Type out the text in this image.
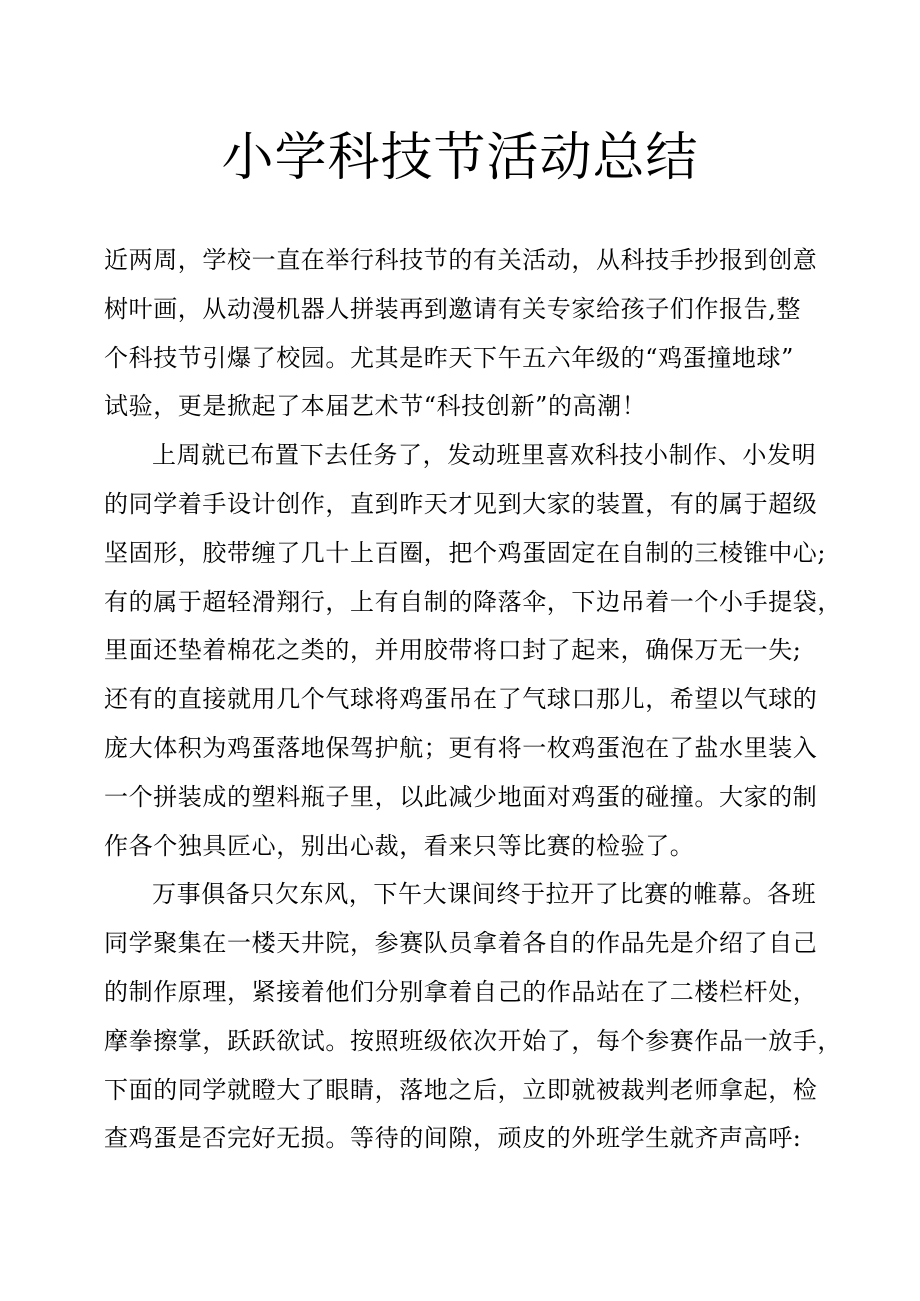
小学科技节活动总结
近两周，学校一直在举行科技节的有关活动，从科技手抄报到创意
树叶画，从动漫机器人拼装再到邀请有关专家给孩子们作报告,整
个科技节引爆了校园。尤其是昨天下午五六年级的“鸡蛋撞地球”
试验，更是掀起了本届艺术节“科技创新”的高潮！
上周就已布置下去任务了，发动班里喜欢科技小制作、小发明
的同学着手设计创作，直到昨天才见到大家的装置，有的属于超级
坚固形，胶带缠了几十上百圈，把个鸡蛋固定在自制的三棱锥中心;
有的属于超轻滑翔行，上有自制的降落伞，下边吊着一个小手提袋，
里面还垫着棉花之类的，并用胶带将口封了起来，确保万无一失;
还有的直接就用几个气球将鸡蛋吊在了气球口那儿，希望以气球的
庞大体积为鸡蛋落地保驾护航；更有将一枚鸡蛋泡在了盐水里装入
一个拼装成的塑料瓶子里，以此减少地面对鸡蛋的碰撞。大家的制
作各个独具匠心，别出心裁，看来只等比赛的检验了。
万事俱备只欠东风，下午大课间终于拉开了比赛的帷幕。各班
同学聚集在一楼天井院，参赛队员拿着各自的作品先是介绍了自己
的制作原理，紧接着他们分别拿着自己的作品站在了二楼栏杆处，
摩拳擦掌，跃跃欲试。按照班级依次开始了，每个参赛作品一放手，
下面的同学就瞪大了眼睛，落地之后，立即就被裁判老师拿起，检
查鸡蛋是否完好无损。等待的间隙，顽皮的外班学生就齐声高呼:
